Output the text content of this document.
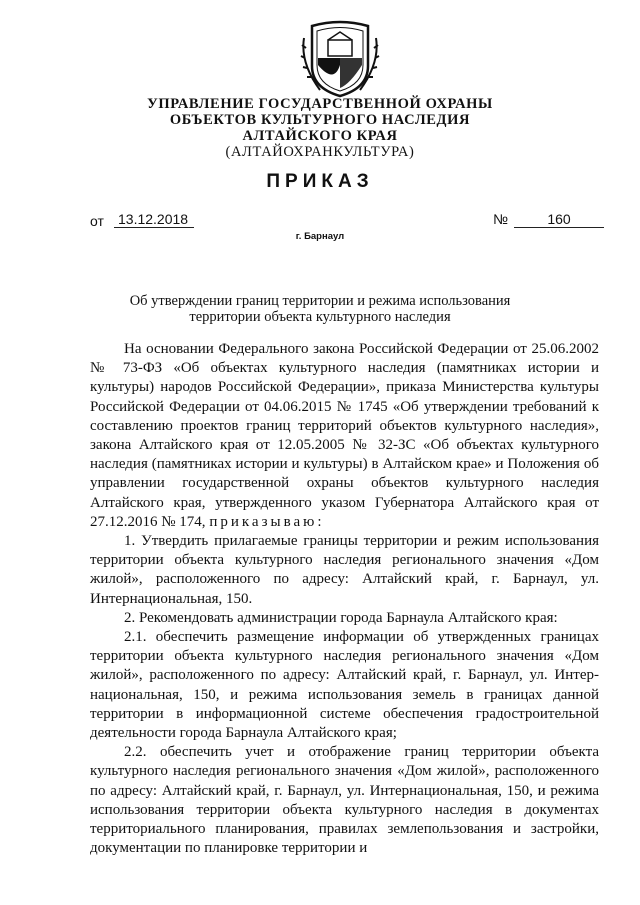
УПРАВЛЕНИЕ ГОСУДАРСТВЕННОЙ ОХРАНЫ
ОБЪЕКТОВ КУЛЬТУРНОГО НАСЛЕДИЯ
АЛТАЙСКОГО КРАЯ
(АЛТАЙОХРАНКУЛЬТУРА)
ПРИКАЗ
от 13.12.2018	№	160
г. Барнаул
Об утверждении границ территории и режима использования
территории объекта культурного наследия

На основании Федерального закона Российской Федерации от 25.06.2002 № 73-ФЗ «Об объектах культурного наследия (памятниках истории и культуры) народов Российской Федерации», приказа Министерства культуры Российской Федерации от 04.06.2015 № 1745 «Об утверждении требований к составлению проектов границ территорий объектов культурного наследия», закона Алтайского края от 12.05.2005 № 32-ЗС «Об объектах культурного наследия (памятниках истории и культуры) в Алтайском крае» и Положения об управлении государственной охраны объектов культурного наследия Алтайского края, утвержденного указом Губернатора Алтайского края от 27.12.2016 № 174, приказываю:

1. Утвердить прилагаемые границы территории и режим использования территории объекта культурного наследия регионального значения «Дом жилой», расположенного по адресу: Алтайский край, г. Барнаул, ул. Интернациональная, 150.

2. Рекомендовать администрации города Барнаула Алтайского края:

2.1. обеспечить размещение информации об утвержденных границах территории объекта культурного наследия регионального значения «Дом жилой», расположенного по адресу: Алтайский край, г. Барнаул, ул. Интернациональная, 150, и режима использования земель в границах данной территории в информационной системе обеспечения градостроительной деятельности города Барнаула Алтайского края;

2.2. обеспечить учет и отображение границ территории объекта культурного наследия регионального значения «Дом жилой», расположенного по адресу: Алтайский край, г. Барнаул, ул. Интернациональная, 150, и режима использования территории объекта культурного наследия в документах территориального планирования, правилах землепользования и застройки, документации по планировке территории и
